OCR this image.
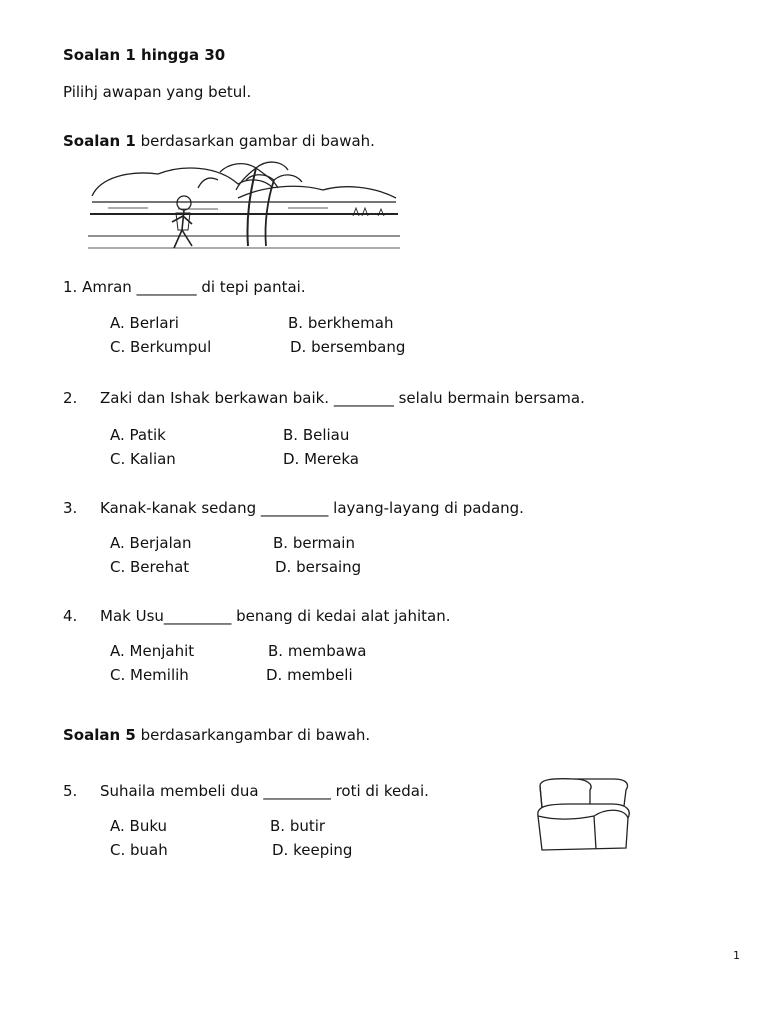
Soalan 1 hingga 30
Pilihj awapan yang betul.
Soalan 1 berdasarkan gambar di bawah.
1. Amran ________ di tepi pantai.
A. Berlari	B. berkhemah
C. Berkumpul	D. bersembang
2. Zaki dan Ishak berkawan baik. ________ selalu bermain bersama.
A. Patik	B. Beliau
C. Kalian	D. Mereka
3. Kanak-kanak sedang _________ layang-layang di padang.
A. Berjalan	B. bermain
C. Berehat	D. bersaing
4. Mak Usu_________ benang di kedai alat jahitan.
A. Menjahit	B. membawa
C. Memilih	D. membeli
Soalan 5 berdasarkangambar di bawah.
5. Suhaila membeli dua _________ roti di kedai.
A. Buku	B. butir
C. buah	D. keeping
1
